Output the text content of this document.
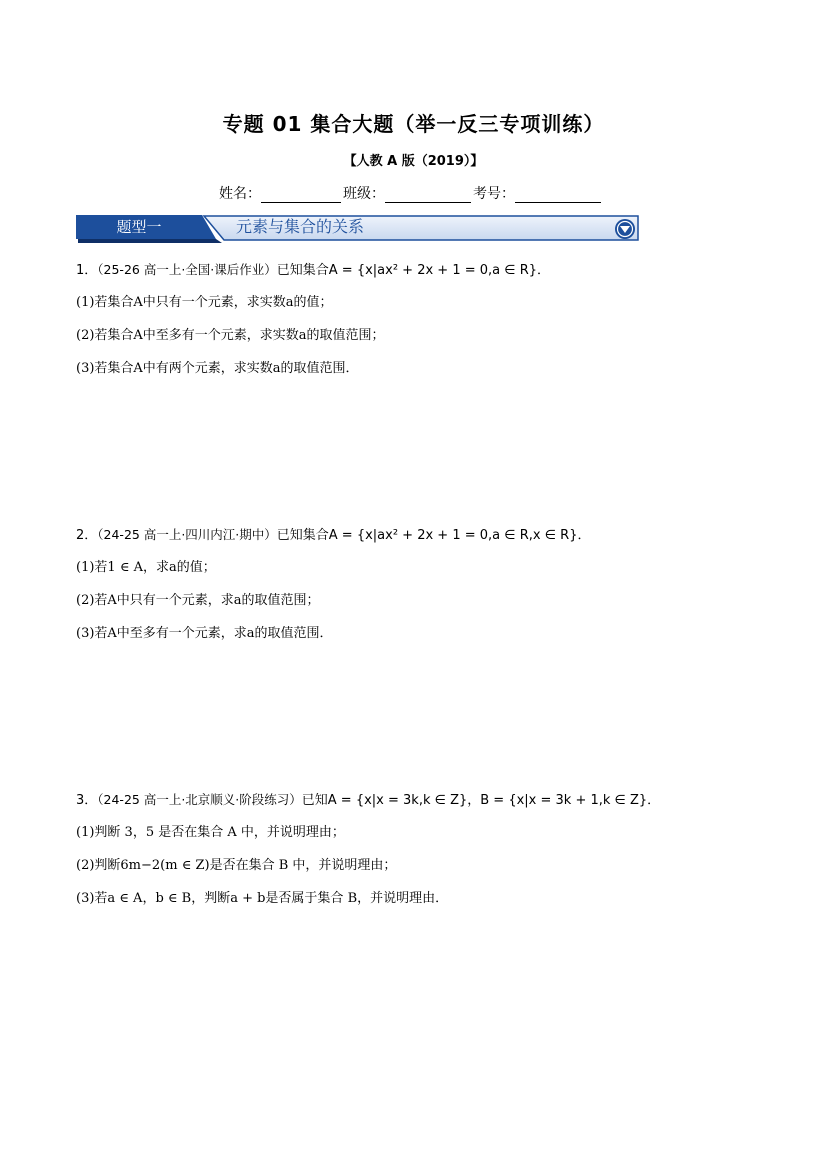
专题 01 集合大题（举一反三专项训练）
【人教 A 版（2019）】
姓名：	班级：	考号：
题型一	元素与集合的关系
1．（25-26 高一上·全国·课后作业）已知集合A = {x|ax² + 2x + 1 = 0,a ∈ R}．
(1)若集合A中只有一个元素，求实数a的值；
(2)若集合A中至多有一个元素，求实数a的取值范围；
(3)若集合A中有两个元素，求实数a的取值范围．
2．（24-25 高一上·四川内江·期中）已知集合A = {x|ax² + 2x + 1 = 0,a ∈ R,x ∈ R}．
(1)若1 ∈ A，求a的值；
(2)若A中只有一个元素，求a的取值范围；
(3)若A中至多有一个元素，求a的取值范围．
3．（24-25 高一上·北京顺义·阶段练习）已知A = {x|x = 3k,k ∈ Z}，B = {x|x = 3k + 1,k ∈ Z}．
(1)判断 3，5 是否在集合 A 中，并说明理由；
(2)判断6m−2(m ∈ Z)是否在集合 B 中，并说明理由；
(3)若a ∈ A，b ∈ B，判断a + b是否属于集合 B，并说明理由．
